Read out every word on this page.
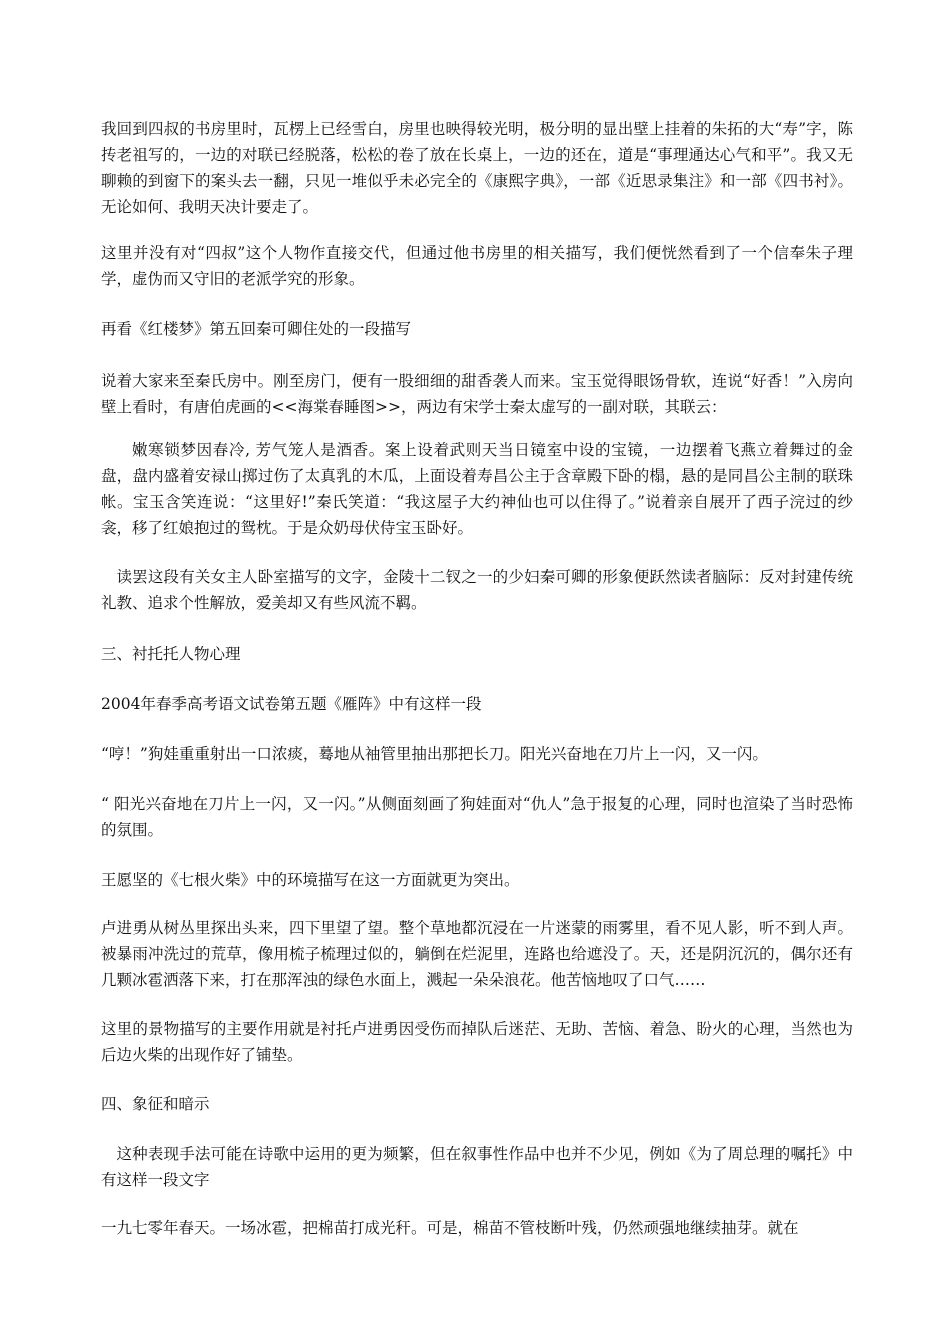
我回到四叔的书房里时，瓦楞上已经雪白，房里也映得较光明，极分明的显出壁上挂着的朱拓的大“寿”字，陈抟老祖写的，一边的对联已经脱落，松松的卷了放在长桌上，一边的还在，道是“事理通达心气和平”。我又无聊赖的到窗下的案头去一翻，只见一堆似乎未必完全的《康熙字典》，一部《近思录集注》和一部《四书衬》。无论如何、我明天决计要走了。

这里并没有对“四叔”这个人物作直接交代，但通过他书房里的相关描写，我们便恍然看到了一个信奉朱子理学，虚伪而又守旧的老派学究的形象。

再看《红楼梦》第五回秦可卿住处的一段描写

说着大家来至秦氏房中。刚至房门，便有一股细细的甜香袭人而来。宝玉觉得眼饧骨软，连说“好香！”入房向壁上看时，有唐伯虎画的<<海棠春睡图>>，两边有宋学士秦太虚写的一副对联，其联云：

嫩寒锁梦因春冷, 芳气笼人是酒香。案上设着武则天当日镜室中设的宝镜，一边摆着飞燕立着舞过的金盘，盘内盛着安禄山掷过伤了太真乳的木瓜，上面设着寿昌公主于含章殿下卧的榻，悬的是同昌公主制的联珠帐。宝玉含笑连说：“这里好!”秦氏笑道：“我这屋子大约神仙也可以住得了。”说着亲自展开了西子浣过的纱衾，移了红娘抱过的鸳枕。于是众奶母伏侍宝玉卧好。

读罢这段有关女主人卧室描写的文字，金陵十二钗之一的少妇秦可卿的形象便跃然读者脑际：反对封建传统礼教、追求个性解放，爱美却又有些风流不羁。

三、衬托托人物心理

2004年春季高考语文试卷第五题《雁阵》中有这样一段

“哼！”狗娃重重射出一口浓痰，蓦地从袖管里抽出那把长刀。阳光兴奋地在刀片上一闪，又一闪。

“ 阳光兴奋地在刀片上一闪，又一闪。”从侧面刻画了狗娃面对“仇人”急于报复的心理，同时也渲染了当时恐怖的氛围。

王愿坚的《七根火柴》中的环境描写在这一方面就更为突出。

卢进勇从树丛里探出头来，四下里望了望。整个草地都沉浸在一片迷蒙的雨雾里，看不见人影，听不到人声。被暴雨冲洗过的荒草，像用梳子梳理过似的，躺倒在烂泥里，连路也给遮没了。天，还是阴沉沉的，偶尔还有几颗冰雹洒落下来，打在那浑浊的绿色水面上，溅起一朵朵浪花。他苦恼地叹了口气……

这里的景物描写的主要作用就是衬托卢进勇因受伤而掉队后迷茫、无助、苦恼、着急、盼火的心理，当然也为后边火柴的出现作好了铺垫。

四、象征和暗示

这种表现手法可能在诗歌中运用的更为频繁，但在叙事性作品中也并不少见，例如《为了周总理的嘱托》中有这样一段文字

一九七零年春天。一场冰雹，把棉苗打成光秆。可是，棉苗不管枝断叶残，仍然顽强地继续抽芽。就在
